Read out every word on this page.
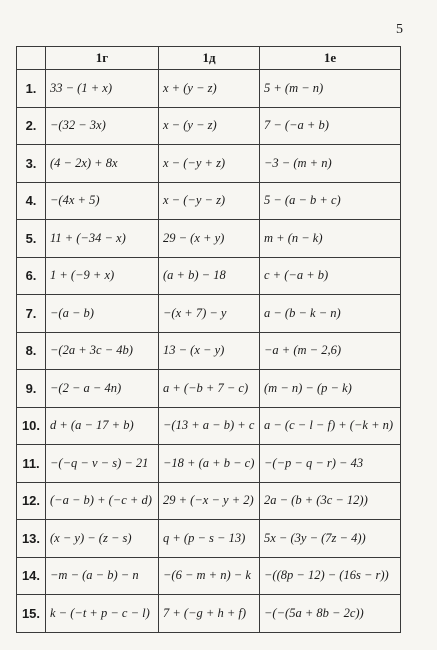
5
	1г	1д	1е
1.	33 − (1 + x)	x + (y − z)	5 + (m − n)
2.	−(32 − 3x)	x − (y − z)	7 − (−a + b)
3.	(4 − 2x) + 8x	x − (−y + z)	−3 − (m + n)
4.	−(4x + 5)	x − (−y − z)	5 − (a − b + c)
5.	11 + (−34 − x)	29 − (x + y)	m + (n − k)
6.	1 + (−9 + x)	(a + b) − 18	c + (−a + b)
7.	−(a − b)	−(x + 7) − y	a − (b − k − n)
8.	−(2a + 3c − 4b)	13 − (x − y)	−a + (m − 2,6)
9.	−(2 − a − 4n)	a + (−b + 7 − c)	(m − n) − (p − k)
10.	d + (a − 17 + b)	−(13 + a − b) + c	a − (c − l − f) + (−k + n)
11.	−(−q − v − s) − 21	−18 + (a + b − c)	−(−p − q − r) − 43
12.	(−a − b) + (−c + d)	29 + (−x − y + 2)	2a − (b + (3c − 12))
13.	(x − y) − (z − s)	q + (p − s − 13)	5x − (3y − (7z − 4))
14.	−m − (a − b) − n	−(6 − m + n) − k	−((8p − 12) − (16s − r))
15.	k − (−t + p − c − l)	7 + (−g + h + f)	−(−(5a + 8b − 2c))
